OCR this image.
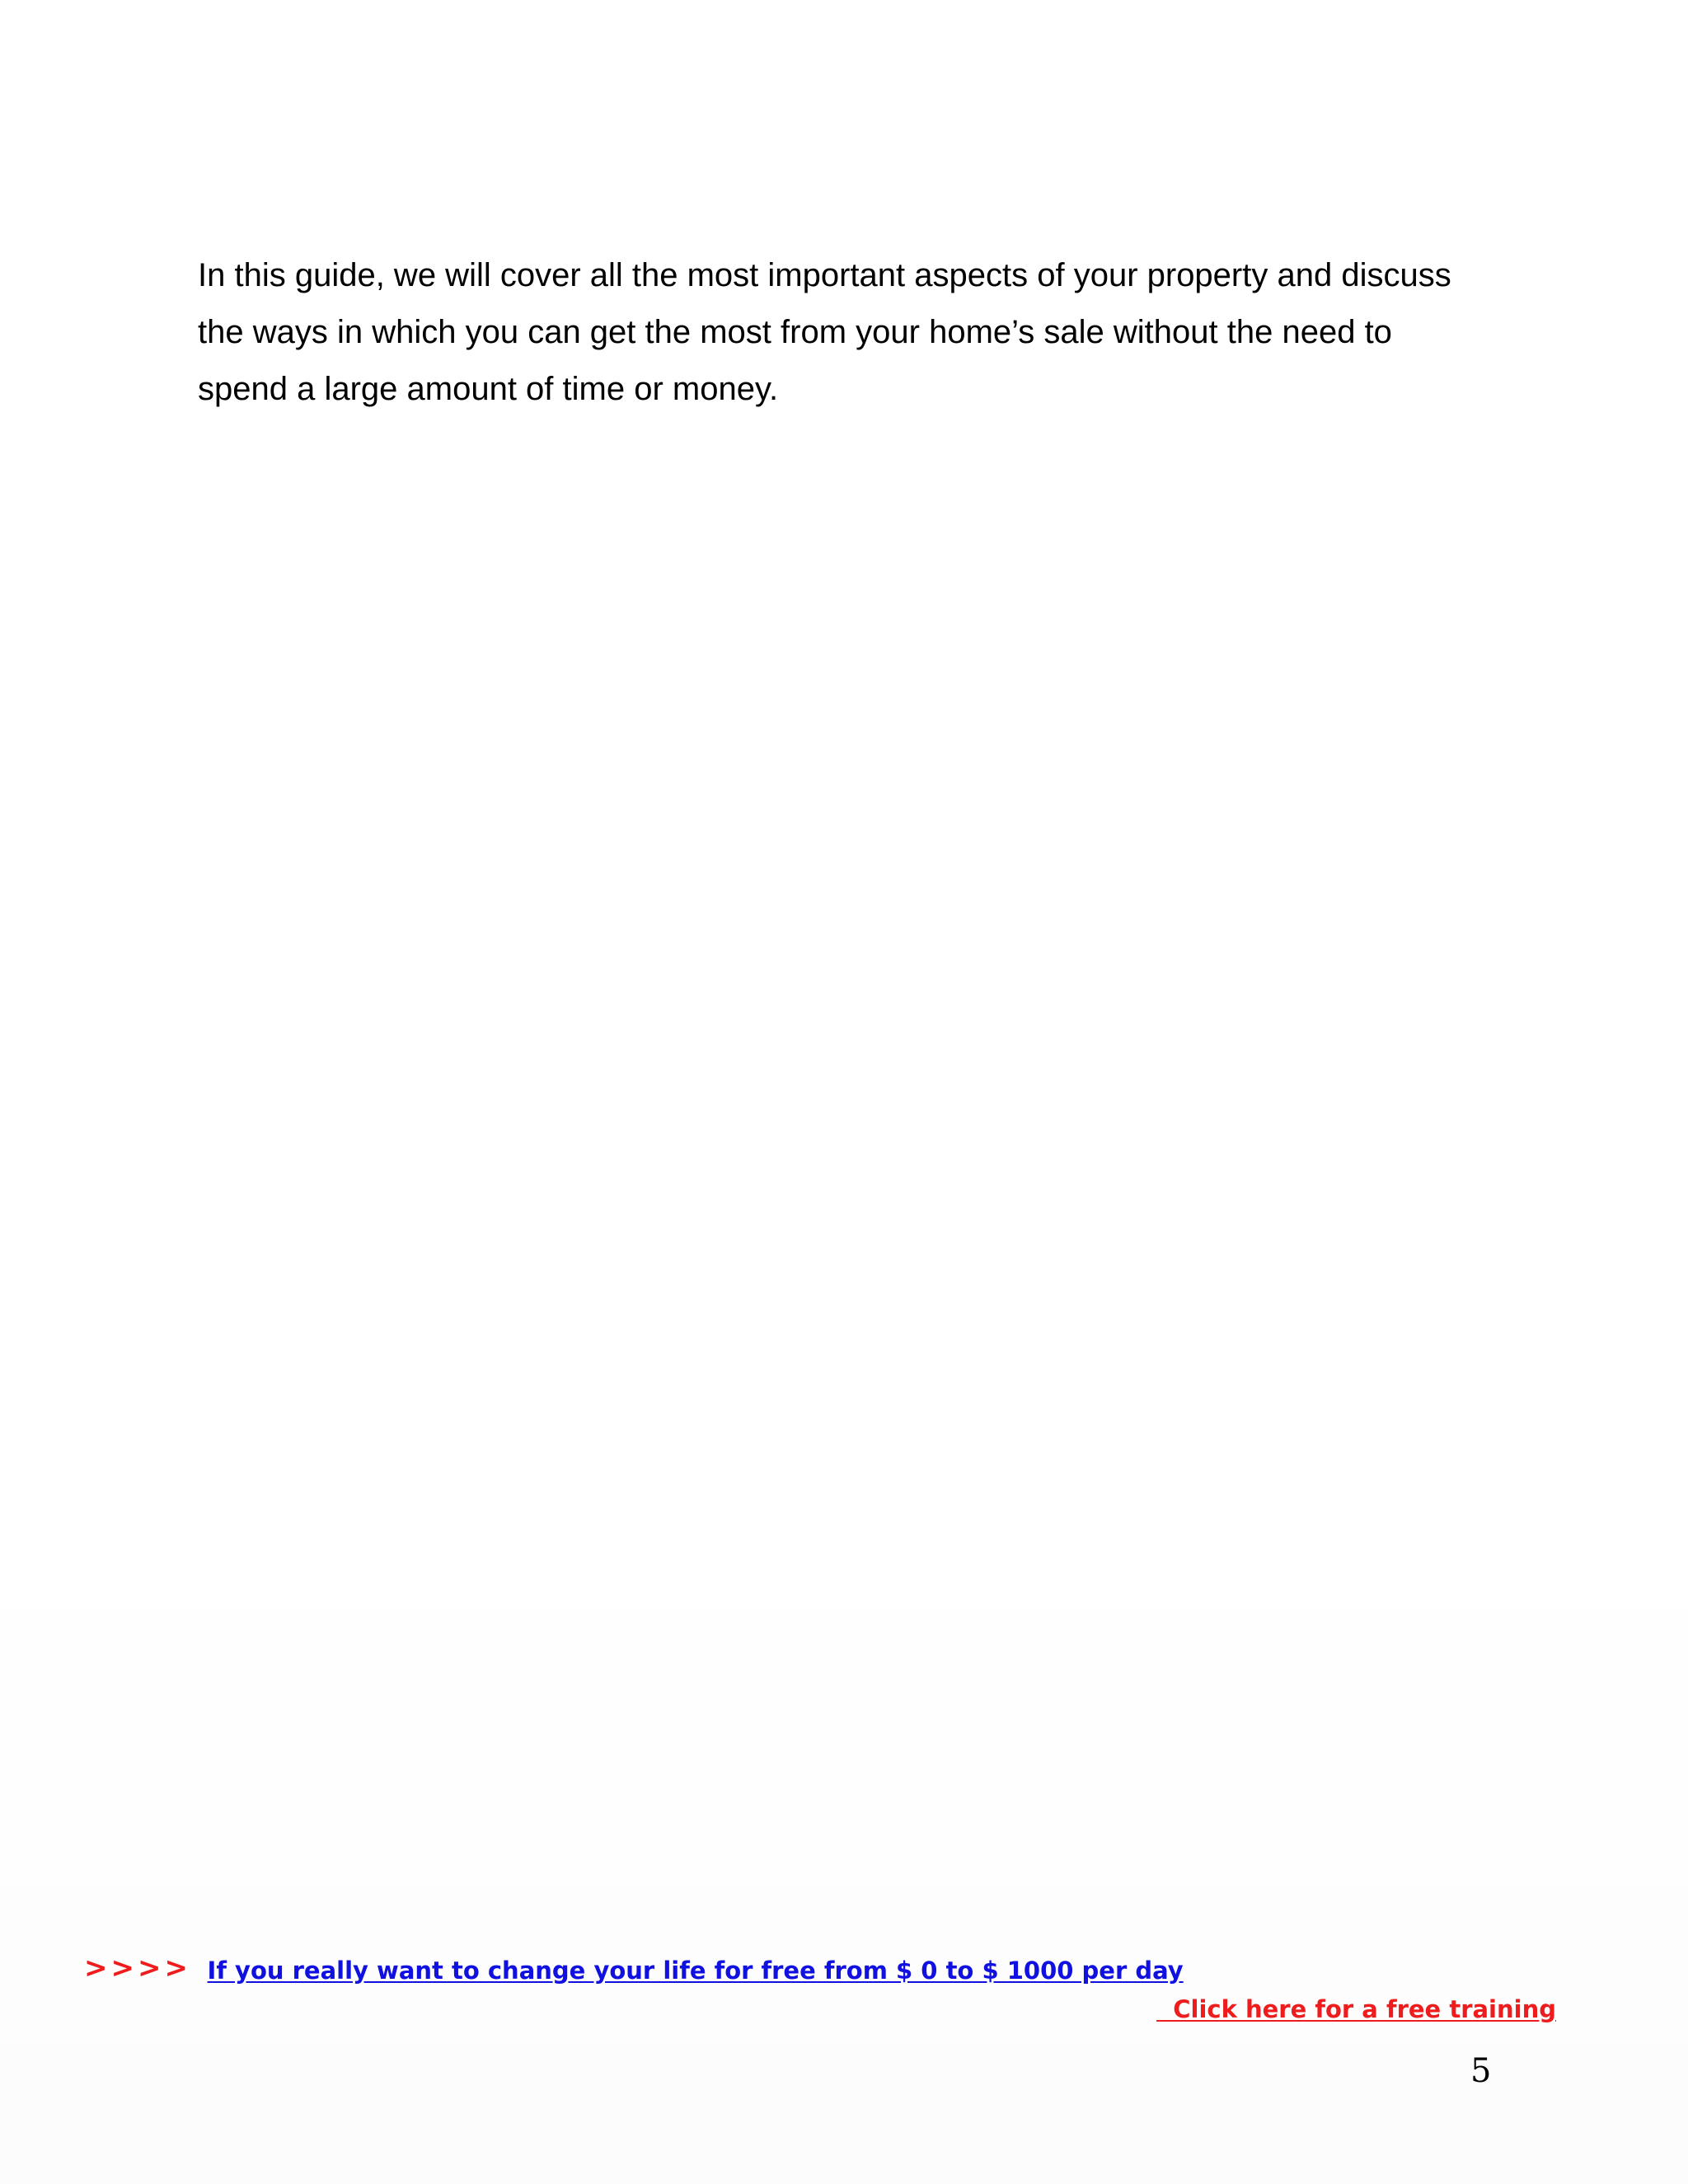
In this guide, we will cover all the most important aspects of your property and discuss the ways in which you can get the most from your home’s sale without the need to spend a large amount of time or money.

>>>> If you really want to change your life for free from $ 0 to $ 1000 per day
Click here for a free training
5
